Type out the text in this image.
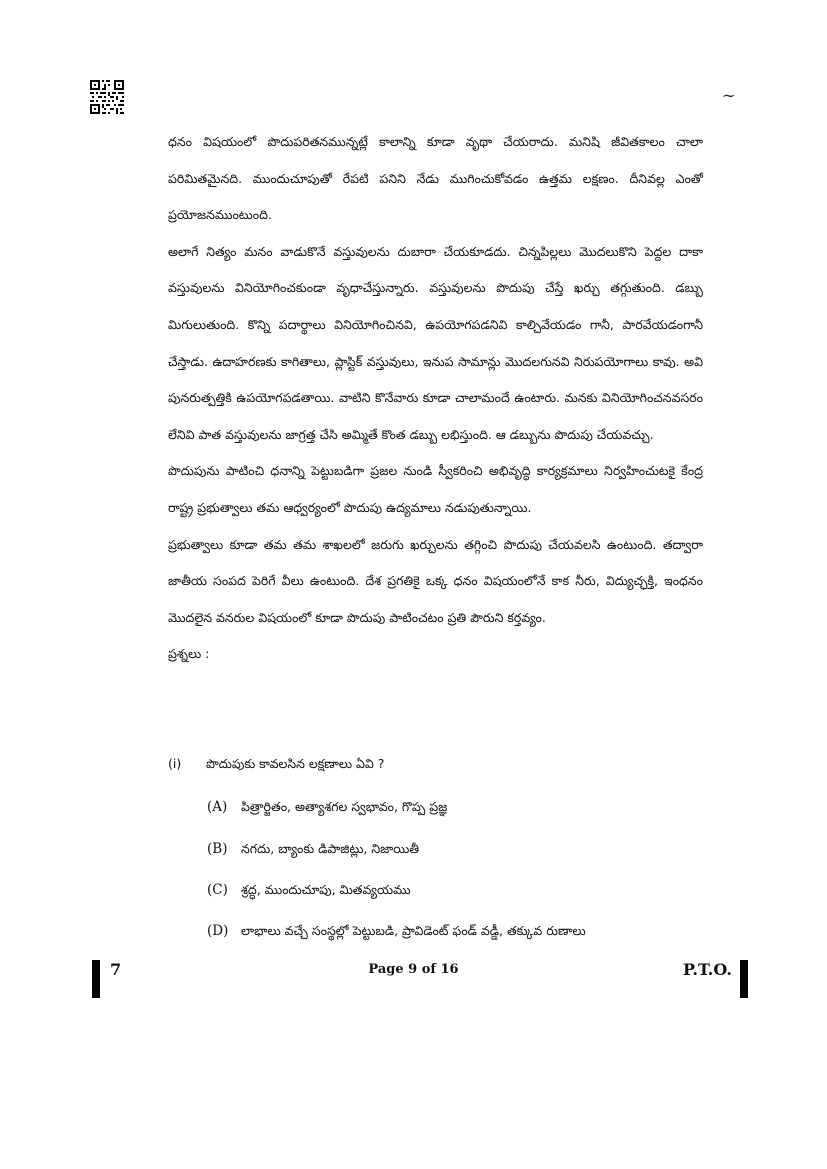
~

ధనం విషయంలో పొదుపరితనమున్నట్లే కాలాన్ని కూడా వృథా చేయరాదు. మనిషి జీవితకాలం చాలా పరిమితమైనది. ముందుచూపుతో రేపటి పనిని నేడు ముగించుకోవడం ఉత్తమ లక్షణం. దీనివల్ల ఎంతో ప్రయోజనముంటుంది.

అలాగే నిత్యం మనం వాడుకొనే వస్తువులను దుబారా చేయకూడదు. చిన్నపిల్లలు మొదలుకొని పెద్దల దాకా వస్తువులను వినియోగించకుండా వృధాచేస్తున్నారు. వస్తువులను పొదుపు చేస్తే ఖర్చు తగ్గుతుంది. డబ్బు మిగులుతుంది. కొన్ని పదార్థాలు వినియోగించినవి, ఉపయోగపడనివి కాల్చివేయడం గానీ, పారవేయడంగానీ చేస్తాడు. ఉదాహరణకు కాగితాలు, ప్లాస్టిక్ వస్తువులు, ఇనుప సామాన్లు మొదలగునవి నిరుపయోగాలు కావు. అవి పునరుత్పత్తికి ఉపయోగపడతాయి. వాటిని కొనేవారు కూడా చాలామందే ఉంటారు. మనకు వినియోగించనవసరం లేనివి పాత వస్తువులను జాగ్రత్త చేసి అమ్మితే కొంత డబ్బు లభిస్తుంది. ఆ డబ్బును పొదుపు చేయవచ్చు.

పొదుపును పాటించి ధనాన్ని పెట్టుబడిగా ప్రజల నుండి స్వీకరించి అభివృద్ధి కార్యక్రమాలు నిర్వహించుటకై కేంద్ర రాష్ట్ర ప్రభుత్వాలు తమ ఆధ్వర్యంలో పొదుపు ఉద్యమాలు నడుపుతున్నాయి.

ప్రభుత్వాలు కూడా తమ తమ శాఖలలో జరుగు ఖర్చులను తగ్గించి పొదుపు చేయవలసి ఉంటుంది. తద్వారా జాతీయ సంపద పెరిగే వీలు ఉంటుంది. దేశ ప్రగతికై ఒక్క ధనం విషయంలోనే కాక నీరు, విద్యుచ్ఛక్తి, ఇంధనం మొదలైన వనరుల విషయంలో కూడా పొదుపు పాటించటం ప్రతి పౌరుని కర్తవ్యం.

ప్రశ్నలు :

(i) పొదుపుకు కావలసిన లక్షణాలు ఏవి ?
(A) పిత్రార్జితం, అత్యాశగల స్వభావం, గొప్ప ప్రజ్ఞ
(B) నగదు, బ్యాంకు డిపాజిట్లు, నిజాయితీ
(C) శ్రద్ధ, ముందుచూపు, మితవ్యయము
(D) లాభాలు వచ్చే సంస్థల్లో పెట్టుబడి, ప్రావిడెంట్ ఫండ్ వడ్డీ, తక్కువ రుణాలు
7	Page 9 of 16	P.T.O.
